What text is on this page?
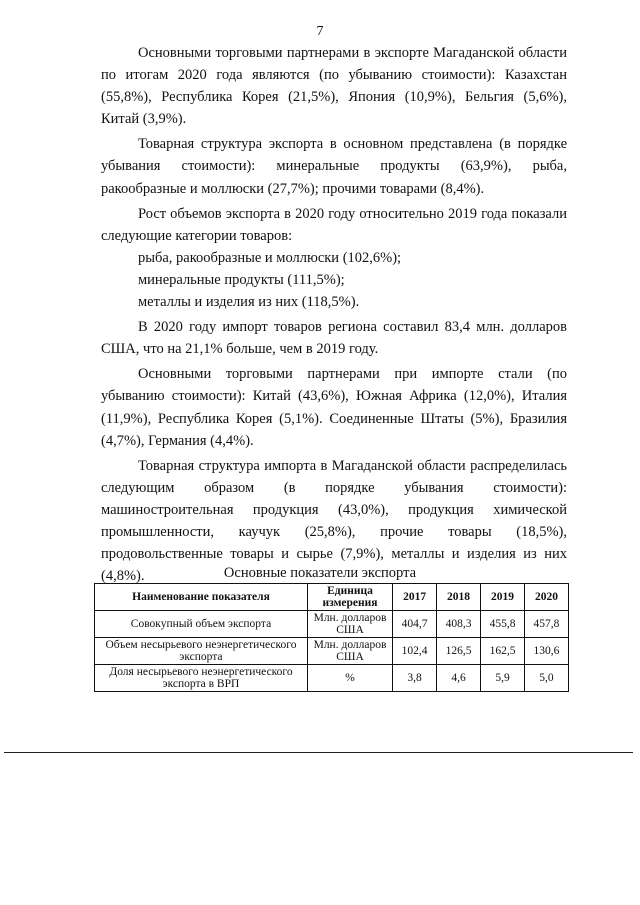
7

Основными торговыми партнерами в экспорте Магаданской области по итогам 2020 года являются (по убыванию стоимости): Казахстан (55,8%), Республика Корея (21,5%), Япония (10,9%), Бельгия (5,6%), Китай (3,9%).

Товарная структура экспорта в основном представлена (в порядке убывания стоимости): минеральные продукты (63,9%), рыба, ракообразные и моллюски (27,7%); прочими товарами (8,4%).

Рост объемов экспорта в 2020 году относительно 2019 года показали следующие категории товаров:

рыба, ракообразные и моллюски (102,6%);

минеральные продукты (111,5%);

металлы и изделия из них (118,5%).

В 2020 году импорт товаров региона составил 83,4 млн. долларов США, что на 21,1% больше, чем в 2019 году.

Основными торговыми партнерами при импорте стали (по убыванию стоимости): Китай (43,6%), Южная Африка (12,0%), Италия (11,9%), Республика Корея (5,1%). Соединенные Штаты (5%), Бразилия (4,7%), Германия (4,4%).

Товарная структура импорта в Магаданской области распределилась следующим образом (в порядке убывания стоимости): машиностроительная продукция (43,0%), продукция химической промышленности, каучук (25,8%), прочие товары (18,5%), продовольственные товары и сырье (7,9%), металлы и изделия из них (4,8%).	Основные показатели экспорта
Наименование показателя	Единица измерения	2017	2018	2019	2020
Совокупный объем экспорта	Млн. долларов США	404,7	408,3	455,8	457,8
Объем несырьевого неэнергетического экспорта	Млн. долларов США	102,4	126,5	162,5	130,6
Доля несырьевого неэнергетического экспорта в ВРП	%	3,8	4,6	5,9	5,0
